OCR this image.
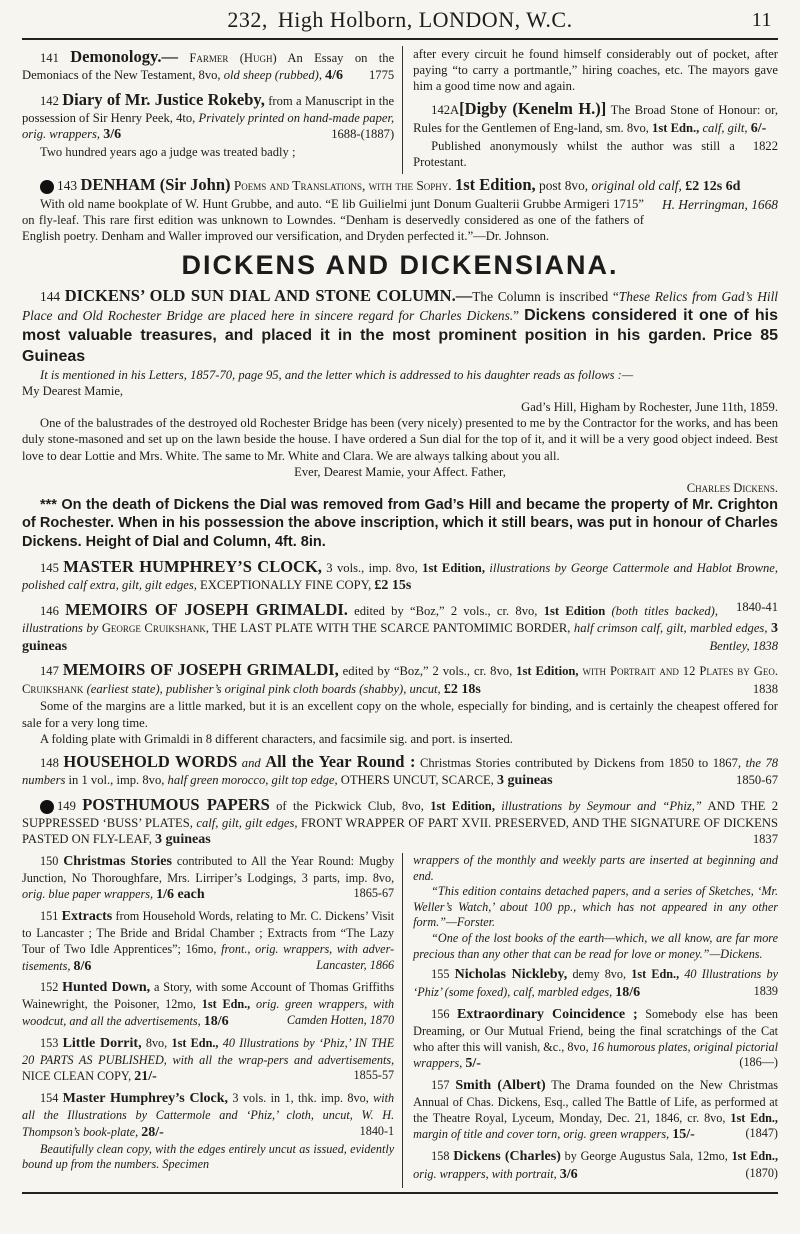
232, High Holborn, LONDON, W.C.	11

141 Demonology.— Farmer (Hugh) An Essay on the Demoniacs of the New Testament, 8vo, old sheep (rubbed), 4/6	1775

142 Diary of Mr. Justice Rokeby, from a Manuscript in the possession of Sir Henry Peek, 4to, Privately printed on hand-made paper, orig. wrappers, 3/6	1688-(1887)

Two hundred years ago a judge was treated badly ;

after every circuit he found himself considerably out of pocket, after paying “to carry a portmantle,” hiring coaches, etc. The mayors gave him a good time now and again.

142A[Digby (Kenelm H.)] The Broad Stone of Honour: or, Rules for the Gentlemen of Eng-land, sm. 8vo, 1st Edn., calf, gilt, 6/-
1822

Published anonymously whilst the author was still a Protestant.

143 DENHAM (Sir John) Poems and Translations, with the Sophy. 1st Edition, post 8vo, original old calf, £2 12s 6d
H. Herringman, 1668

With old name bookplate of W. Hunt Grubbe, and auto. “E lib Guilielmi junt Donum Gualterii Grubbe Armigeri 1715” on fly-leaf. This rare first edition was unknown to Lowndes. “Denham is deservedly considered as one of the fathers of English poetry. Denham and Waller improved our versification, and Dryden perfected it.”—Dr. Johnson.

DICKENS AND DICKENSIANA.

144 DICKENS’ OLD SUN DIAL AND STONE COLUMN.—The Column is inscribed “These Relics from Gad’s Hill Place and Old Rochester Bridge are placed here in sincere regard for Charles Dickens.” Dickens considered it one of his most valuable treasures, and placed it in the most prominent position in his garden. Price 85 Guineas

It is mentioned in his Letters, 1857-70, page 95, and the letter which is addressed to his daughter reads as follows :—

My Dearest Mamie,

Gad’s Hill, Higham by Rochester, June 11th, 1859.

One of the balustrades of the destroyed old Rochester Bridge has been (very nicely) presented to me by the Contractor for the works, and has been duly stone-masoned and set up on the lawn beside the house. I have ordered a Sun dial for the top of it, and it will be a very good object indeed. Best love to dear Lottie and Mrs. White. The same to Mr. White and Clara. We are always talking about you all.

Ever, Dearest Mamie, your Affect. Father,

Charles Dickens.

*** On the death of Dickens the Dial was removed from Gad’s Hill and became the property of Mr. Crighton of Rochester. When in his possession the above inscription, which it still bears, was put in honour of Charles Dickens. Height of Dial and Column, 4ft. 8in.

145 MASTER HUMPHREY’S CLOCK, 3 vols., imp. 8vo, 1st Edition, illustrations by George Cattermole and Hablot Browne, polished calf extra, gilt, gilt edges, EXCEPTIONALLY FINE COPY, £2 15s

146 MEMOIRS OF JOSEPH GRIMALDI. edited by “Boz,” 2 vols., cr. 8vo, 1st Edition	1840-41
(both titles backed), illustrations by George Cruikshank, THE LAST PLATE WITH THE SCARCE PANTOMIMIC BORDER, half crimson calf, gilt, marbled edges, 3 guineas	Bentley, 1838

147 MEMOIRS OF JOSEPH GRIMALDI, edited by “Boz,” 2 vols., cr. 8vo, 1st Edition, with Portrait and 12 Plates by Geo. Cruikshank (earliest state), publisher’s original pink cloth boards (shabby), uncut, £2 18s	1838

Some of the margins are a little marked, but it is an excellent copy on the whole, especially for binding, and is certainly the cheapest offered for sale for a very long time.

A folding plate with Grimaldi in 8 different characters, and facsimile sig. and port. is inserted.

148 HOUSEHOLD WORDS and All the Year Round : Christmas Stories contributed by Dickens from 1850 to 1867, the 78 numbers in 1 vol., imp. 8vo, half green morocco, gilt top edge, OTHERS UNCUT, SCARCE, 3 guineas	1850-67

149 POSTHUMOUS PAPERS of the Pickwick Club, 8vo, 1st Edition, illustrations by Seymour and “Phiz,” AND THE 2 SUPPRESSED ‘BUSS’ PLATES, calf, gilt, gilt edges, FRONT WRAPPER OF PART XVII. PRESERVED, AND THE SIGNATURE OF DICKENS PASTED ON FLY-LEAF, 3 guineas	1837

150 Christmas Stories contributed to All the Year Round: Mugby Junction, No Thoroughfare, Mrs. Lirriper’s Lodgings, 3 parts, imp. 8vo, orig. blue paper wrappers, 1/6 each	1865-67

151 Extracts from Household Words, relating to Mr. C. Dickens’ Visit to Lancaster ; The Bride and Bridal Chamber ; Extracts from “The Lazy Tour of Two Idle Apprentices”; 16mo, front., orig. wrappers, with adver-tisements, 8/6	Lancaster, 1866

152 Hunted Down, a Story, with some Account of Thomas Griffiths Wainewright, the Poisoner, 12mo, 1st Edn., orig. green wrappers, with woodcut, and all the advertisements, 18/6	Camden Hotten, 1870

153 Little Dorrit, 8vo, 1st Edn., 40 Illustrations by ‘Phiz,’ IN THE 20 PARTS AS PUBLISHED, with all the wrap-pers and advertisements, NICE CLEAN COPY, 21/-	1855-57

154 Master Humphrey’s Clock, 3 vols. in 1, thk. imp. 8vo, with all the Illustrations by Cattermole and ‘Phiz,’ cloth, uncut, W. H. Thompson’s book-plate, 28/-	1840-1

Beautifully clean copy, with the edges entirely uncut as issued, evidently bound up from the numbers. Specimen

wrappers of the monthly and weekly parts are inserted at beginning and end.

“This edition contains detached papers, and a series of Sketches, ‘Mr. Weller’s Watch,’ about 100 pp., which has not appeared in any other form.”—Forster.

“One of the lost books of the earth—which, we all know, are far more precious than any other that can be read for love or money.”—Dickens.

155 Nicholas Nickleby, demy 8vo, 1st Edn., 40 Illustrations by ‘Phiz’ (some foxed), calf, marbled edges, 18/6	1839

156 Extraordinary Coincidence ; Somebody else has been Dreaming, or Our Mutual Friend, being the final scratchings of the Cat who after this will vanish, &c., 8vo, 16 humorous plates, original pictorial wrappers, 5/-	(186—)

157 Smith (Albert) The Drama founded on the New Christmas Annual of Chas. Dickens, Esq., called The Battle of Life, as performed at the Theatre Royal, Lyceum, Monday, Dec. 21, 1846, cr. 8vo, 1st Edn., margin of title and cover torn, orig. green wrappers, 15/-	(1847)

158 Dickens (Charles) by George Augustus Sala, 12mo, 1st Edn., orig. wrappers, with portrait, 3/6	(1870)
